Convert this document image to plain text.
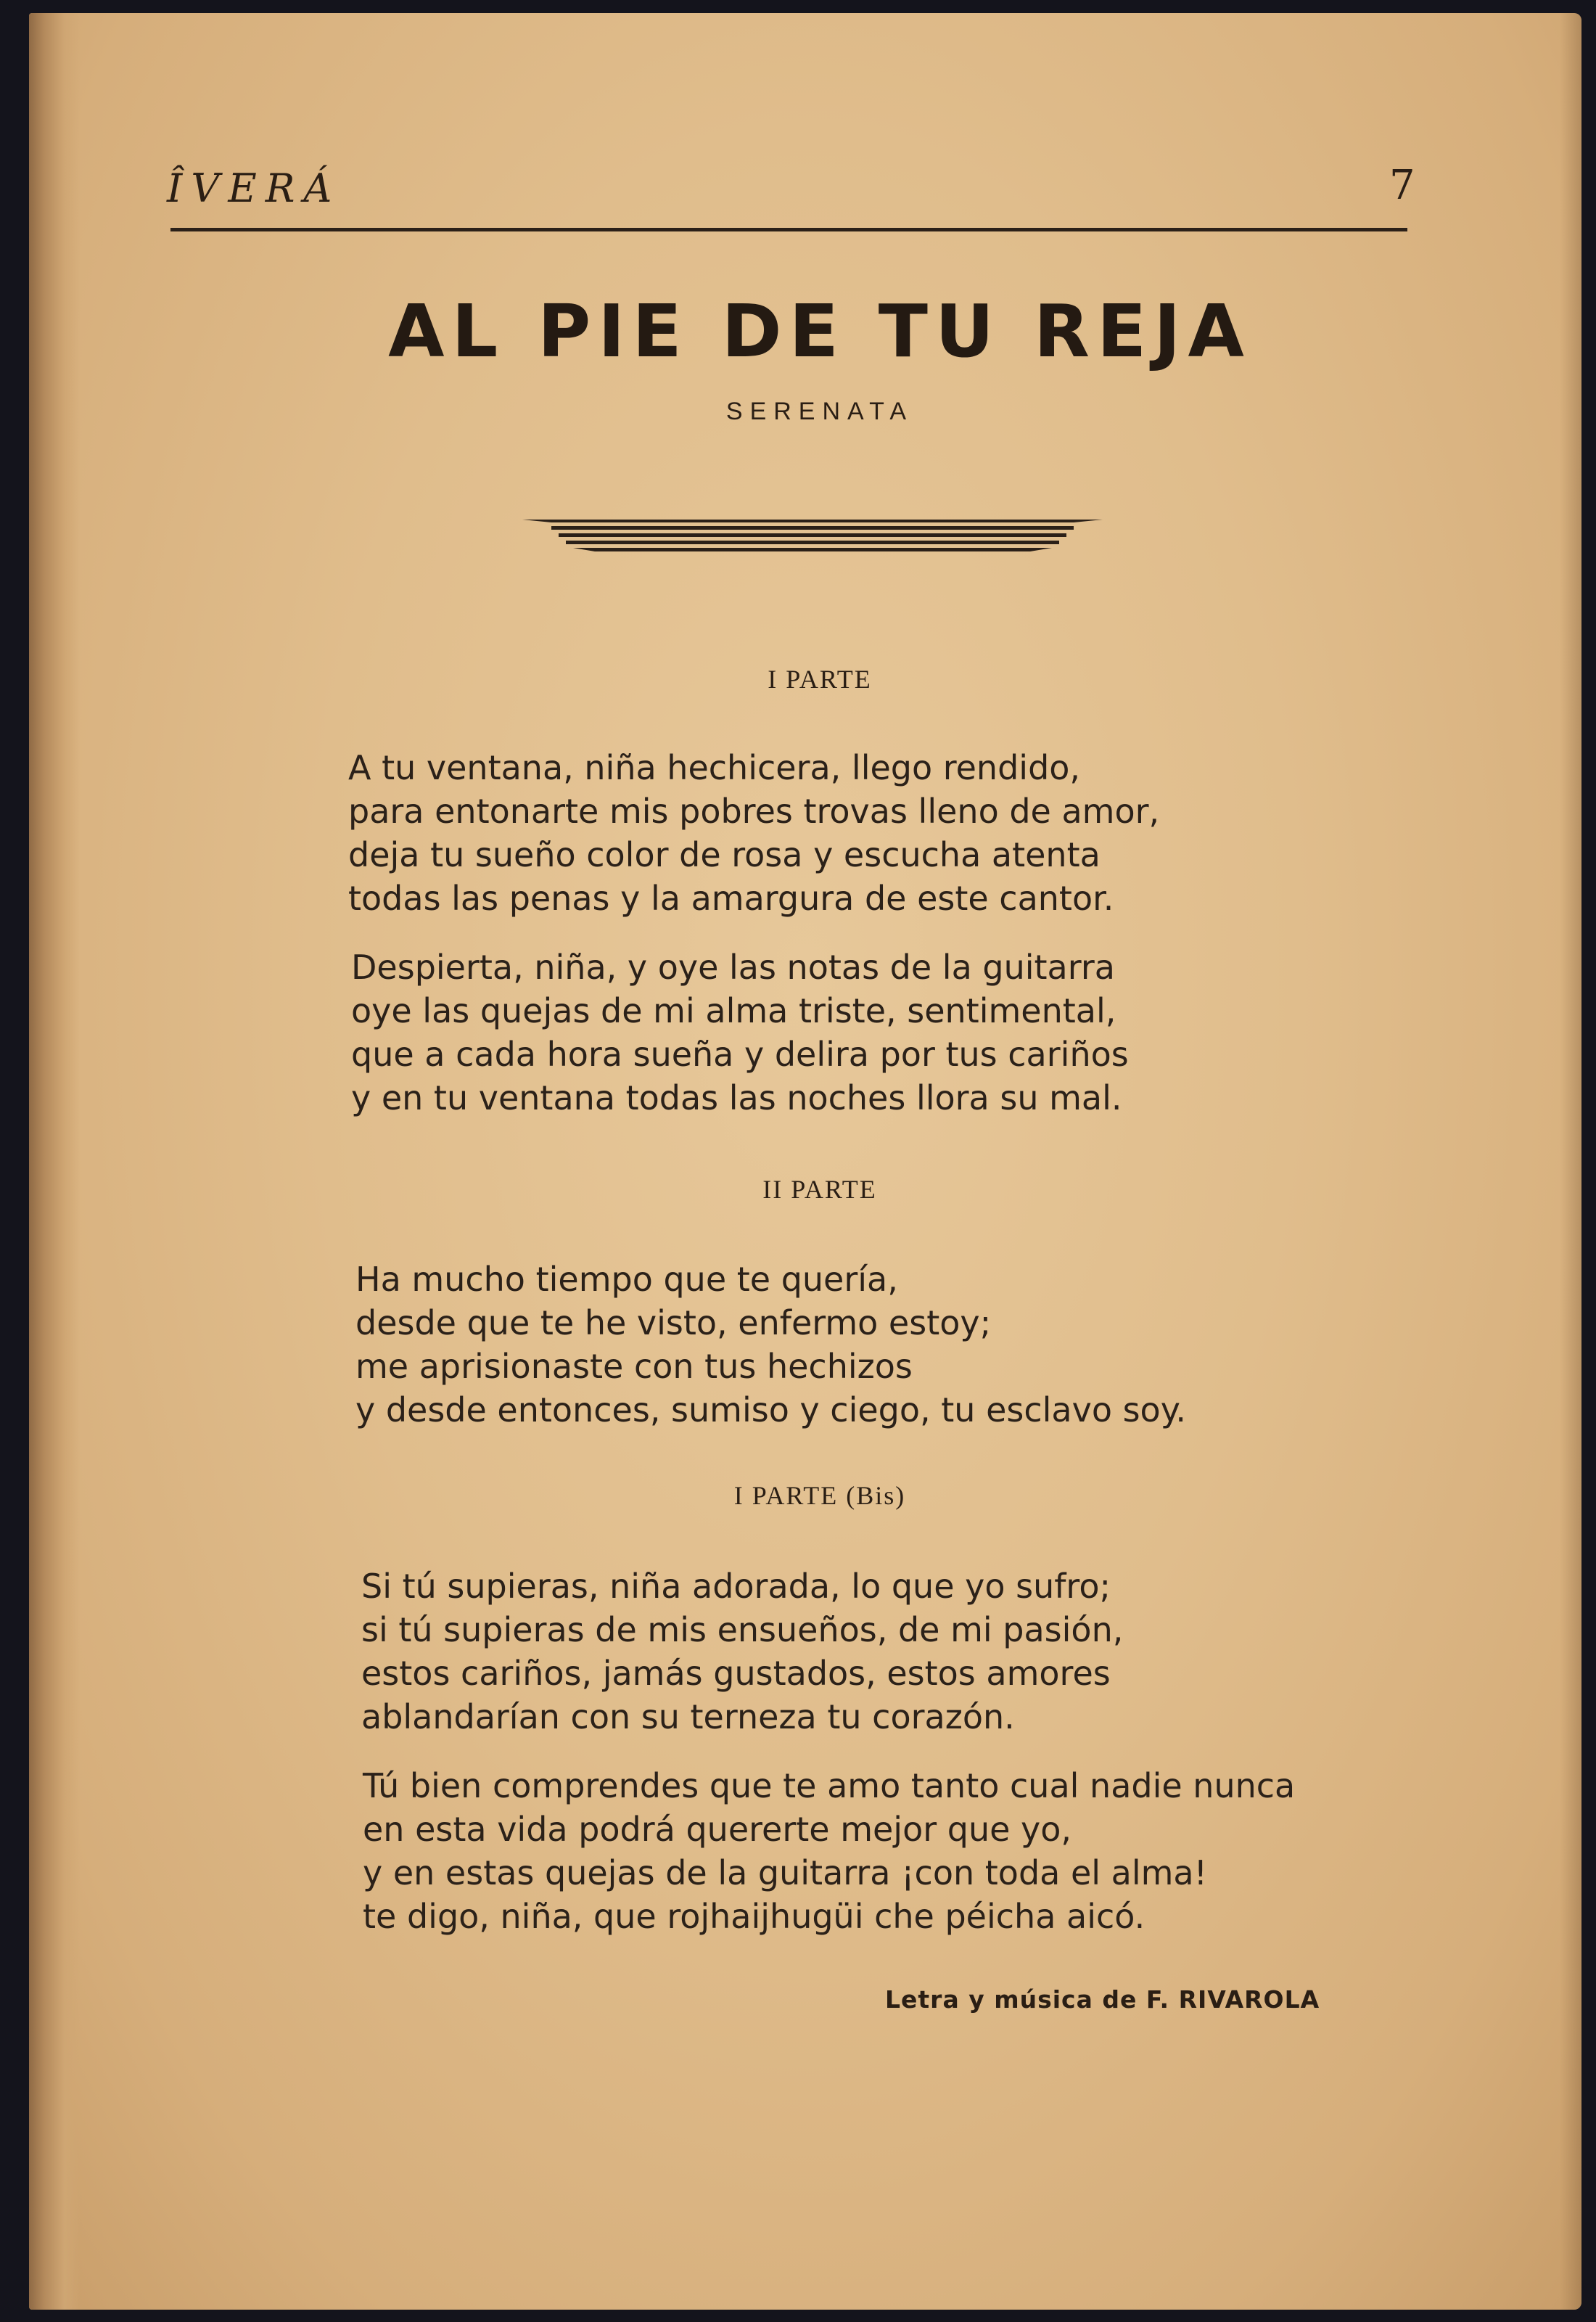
ÎVERÁ	7
AL PIE DE TU REJA
SERENATA
I PARTE
A tu ventana, niña hechicera, llego rendido,
para entonarte mis pobres trovas lleno de amor,
deja tu sueño color de rosa y escucha atenta
todas las penas y la amargura de este cantor.
Despierta, niña, y oye las notas de la guitarra
oye las quejas de mi alma triste, sentimental,
que a cada hora sueña y delira por tus cariños
y en tu ventana todas las noches llora su mal.
II PARTE
Ha mucho tiempo que te quería,
desde que te he visto, enfermo estoy;
me aprisionaste con tus hechizos
y desde entonces, sumiso y ciego, tu esclavo soy.
I PARTE (Bis)
Si tú supieras, niña adorada, lo que yo sufro;
si tú supieras de mis ensueños, de mi pasión,
estos cariños, jamás gustados, estos amores
ablandarían con su terneza tu corazón.
Tú bien comprendes que te amo tanto cual nadie nunca
en esta vida podrá quererte mejor que yo,
y en estas quejas de la guitarra ¡con toda el alma!
te digo, niña, que rojhaijhugüi che péicha aicó.
Letra y música de F. RIVAROLA
